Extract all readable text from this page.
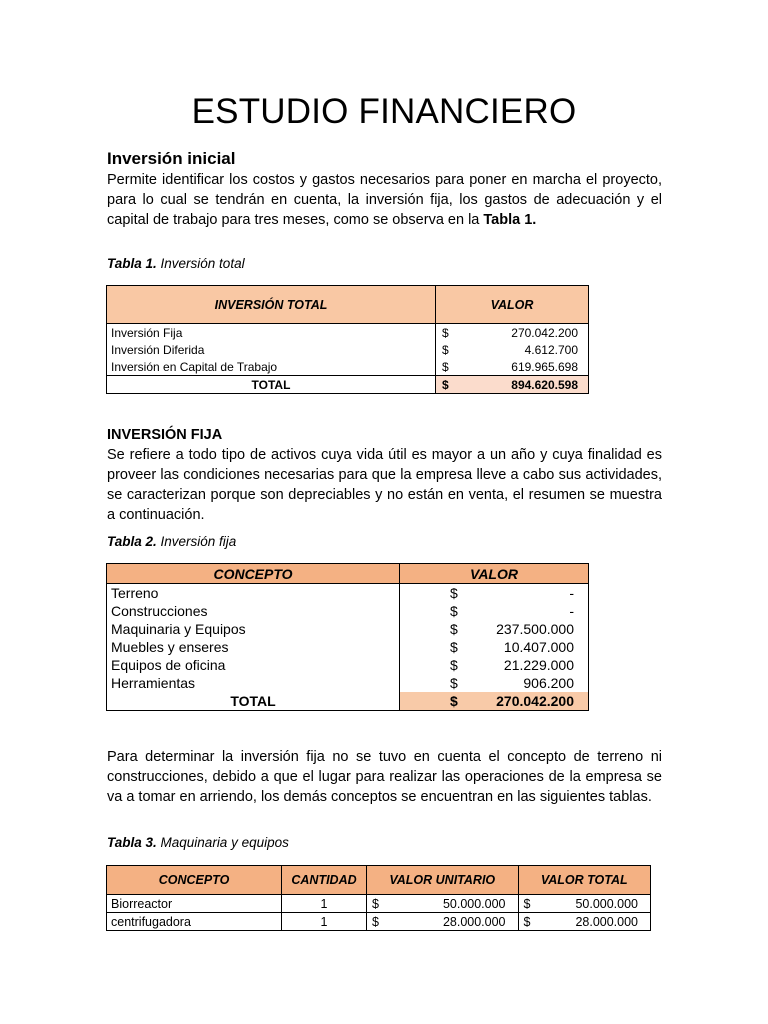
ESTUDIO FINANCIERO
Inversión inicial
Permite identificar los costos y gastos necesarios para poner en marcha el proyecto, para lo cual se tendrán en cuenta, la inversión fija, los gastos de adecuación y el capital de trabajo para tres meses, como se observa en la Tabla 1.
Tabla 1. Inversión total
INVERSIÓN TOTAL	VALOR	
Inversión Fija	$	270.042.200
Inversión Diferida	$	4.612.700
Inversión en Capital de Trabajo	$	619.965.698
TOTAL	$	894.620.598
INVERSIÓN FIJA
Se refiere a todo tipo de activos cuya vida útil es mayor a un año y cuya finalidad es proveer las condiciones necesarias para que la empresa lleve a cabo sus actividades, se caracterizan porque son depreciables y no están en venta, el resumen se muestra a continuación.
Tabla 2. Inversión fija
CONCEPTO	VALOR	
Terreno	$	-
Construcciones	$	-
Maquinaria y Equipos	$	237.500.000
Muebles y enseres	$	10.407.000
Equipos de oficina	$	21.229.000
Herramientas	$	906.200
TOTAL	$	270.042.200
Para determinar la inversión fija no se tuvo en cuenta el concepto de terreno ni construcciones, debido a que el lugar para realizar las operaciones de la empresa se va a tomar en arriendo, los demás conceptos se encuentran en las siguientes tablas.
Tabla 3. Maquinaria y equipos
CONCEPTO	CANTIDAD	VALOR UNITARIO		VALOR TOTAL	
Biorreactor	1	$	50.000.000	$	50.000.000
centrifugadora	1	$	28.000.000	$	28.000.000
